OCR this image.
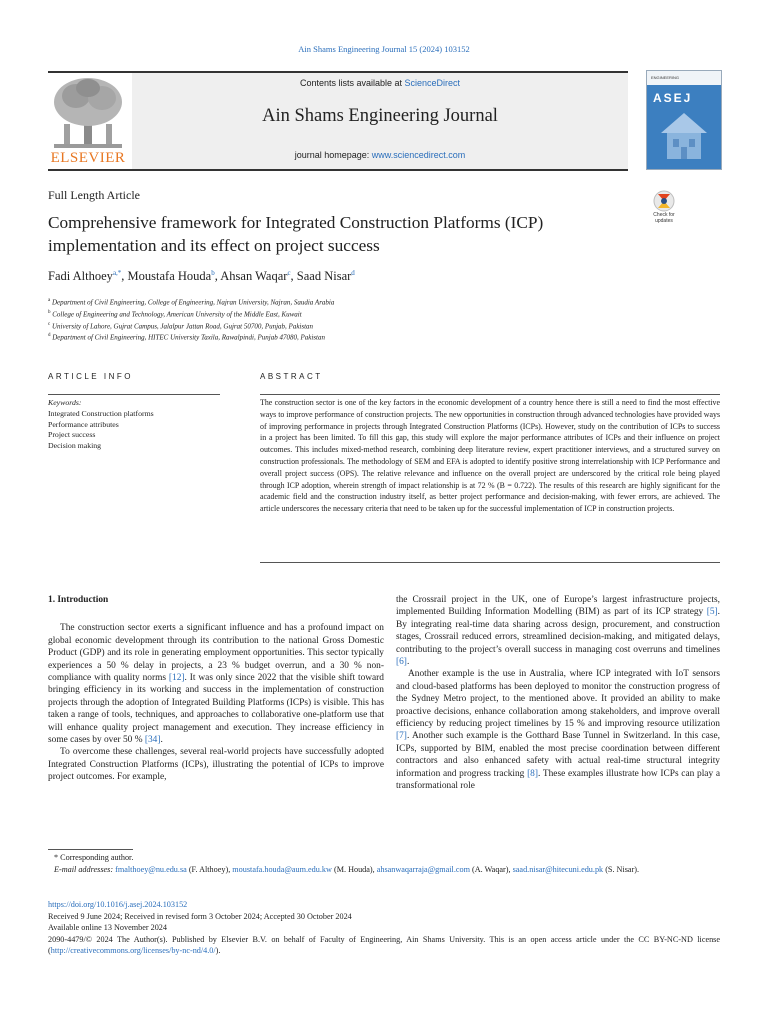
Ain Shams Engineering Journal 15 (2024) 103152
Contents lists available at ScienceDirect
Ain Shams Engineering Journal
journal homepage: www.sciencedirect.com
ELSEVIER
ENGINEERING
ASEJ
Full Length Article
Comprehensive framework for Integrated Construction Platforms (ICP) implementation and its effect on project success
Check for updates
Fadi Althoey$^{a,*}$, Moustafa Houda$^b$, Ahsan Waqar$^c$, Saad Nisar$^d$
$^a$ Department of Civil Engineering, College of Engineering, Najran University, Najran, Saudia Arabia
$^b$ College of Engineering and Technology, American University of the Middle East, Kuwait
$^c$ University of Lahore, Gujrat Campus, Jalalpur Jattan Road, Gujrat 50700, Punjab, Pakistan
$^d$ Department of Civil Engineering, HITEC University Taxila, Rawalpindi, Punjab 47080, Pakistan
ARTICLE INFO	ABSTRACT
Keywords:
Integrated Construction platforms
Performance attributes
Project success
Decision making
The construction sector is one of the key factors in the economic development of a country hence there is still a need to find the most effective ways to improve performance of construction projects. The new opportunities in construction through advanced technologies have provided ways of improving performance in projects through Integrated Construction Platforms (ICPs). However, study on the contribution of ICPs to success in a project has been limited. To fill this gap, this study will explore the major performance attributes of ICPs and their influence on project outcomes. This includes mixed-method research, combining deep literature review, expert practitioner interviews, and a structured survey on construction professionals. The methodology of SEM and EFA is adopted to identify positive strong interrelationship with ICP Performance and overall project success (OPS). The relative relevance and influence on the overall project are underscored by the critical role being played through ICP adoption, wherein strength of impact relationship is at 72 % (B = 0.722). The results of this research are highly significant for the academic field and the construction industry itself, as better project performance and decision-making, with fewer errors, are achieved. The article underscores the necessary criteria that need to be taken up for the successful implementation of ICP in construction projects.
1. Introduction

The construction sector exerts a significant influence and has a profound impact on global economic development through its contribution to the national Gross Domestic Product (GDP) and its role in generating employment opportunities. This sector typically experiences a 50 % delay in projects, a 23 % budget overrun, and a 30 % non-compliance with quality norms [12]. It was only since 2022 that the visible shift toward bringing efficiency in its working and success in the implementation of construction projects through the adoption of Integrated Building Platforms (ICPs) is visible. This has taken a range of tools, techniques, and approaches to collaborative one-platform use that will enhance quality project management and execution. They increase efficiency in some cases by over 50 % [34].

To overcome these challenges, several real-world projects have successfully adopted Integrated Construction Platforms (ICPs), illustrating the potential of ICPs to improve project outcomes. For example,

the Crossrail project in the UK, one of Europe’s largest infrastructure projects, implemented Building Information Modelling (BIM) as part of its ICP strategy [5]. By integrating real-time data sharing across design, procurement, and construction stages, Crossrail reduced errors, streamlined decision-making, and mitigated delays, contributing to the project’s overall success in managing cost overruns and timelines [6].

Another example is the use in Australia, where ICP integrated with IoT sensors and cloud-based platforms has been deployed to monitor the construction progress of the Sydney Metro project, to the mentioned above. It provided an ability to make proactive decisions, enhance collaboration among stakeholders, and improve overall efficiency by reducing project timelines by 15 % and improving resource utilization [7]. Another such example is the Gotthard Base Tunnel in Switzerland. In this case, ICPs, supported by BIM, enabled the most precise coordination between different contractors and also enhanced safety with actual real-time structural integrity information and progress tracking [8]. These examples illustrate how ICPs can play a transformational role

* Corresponding author.
E-mail addresses: fmalthoey@nu.edu.sa (F. Althoey), moustafa.houda@aum.edu.kw (M. Houda), ahsanwaqarraja@gmail.com (A. Waqar), saad.nisar@hitecuni.edu.pk (S. Nisar).
https://doi.org/10.1016/j.asej.2024.103152
Received 9 June 2024; Received in revised form 3 October 2024; Accepted 30 October 2024
Available online 13 November 2024
2090-4479/© 2024 The Author(s). Published by Elsevier B.V. on behalf of Faculty of Engineering, Ain Shams University. This is an open access article under the CC BY-NC-ND license (http://creativecommons.org/licenses/by-nc-nd/4.0/).
